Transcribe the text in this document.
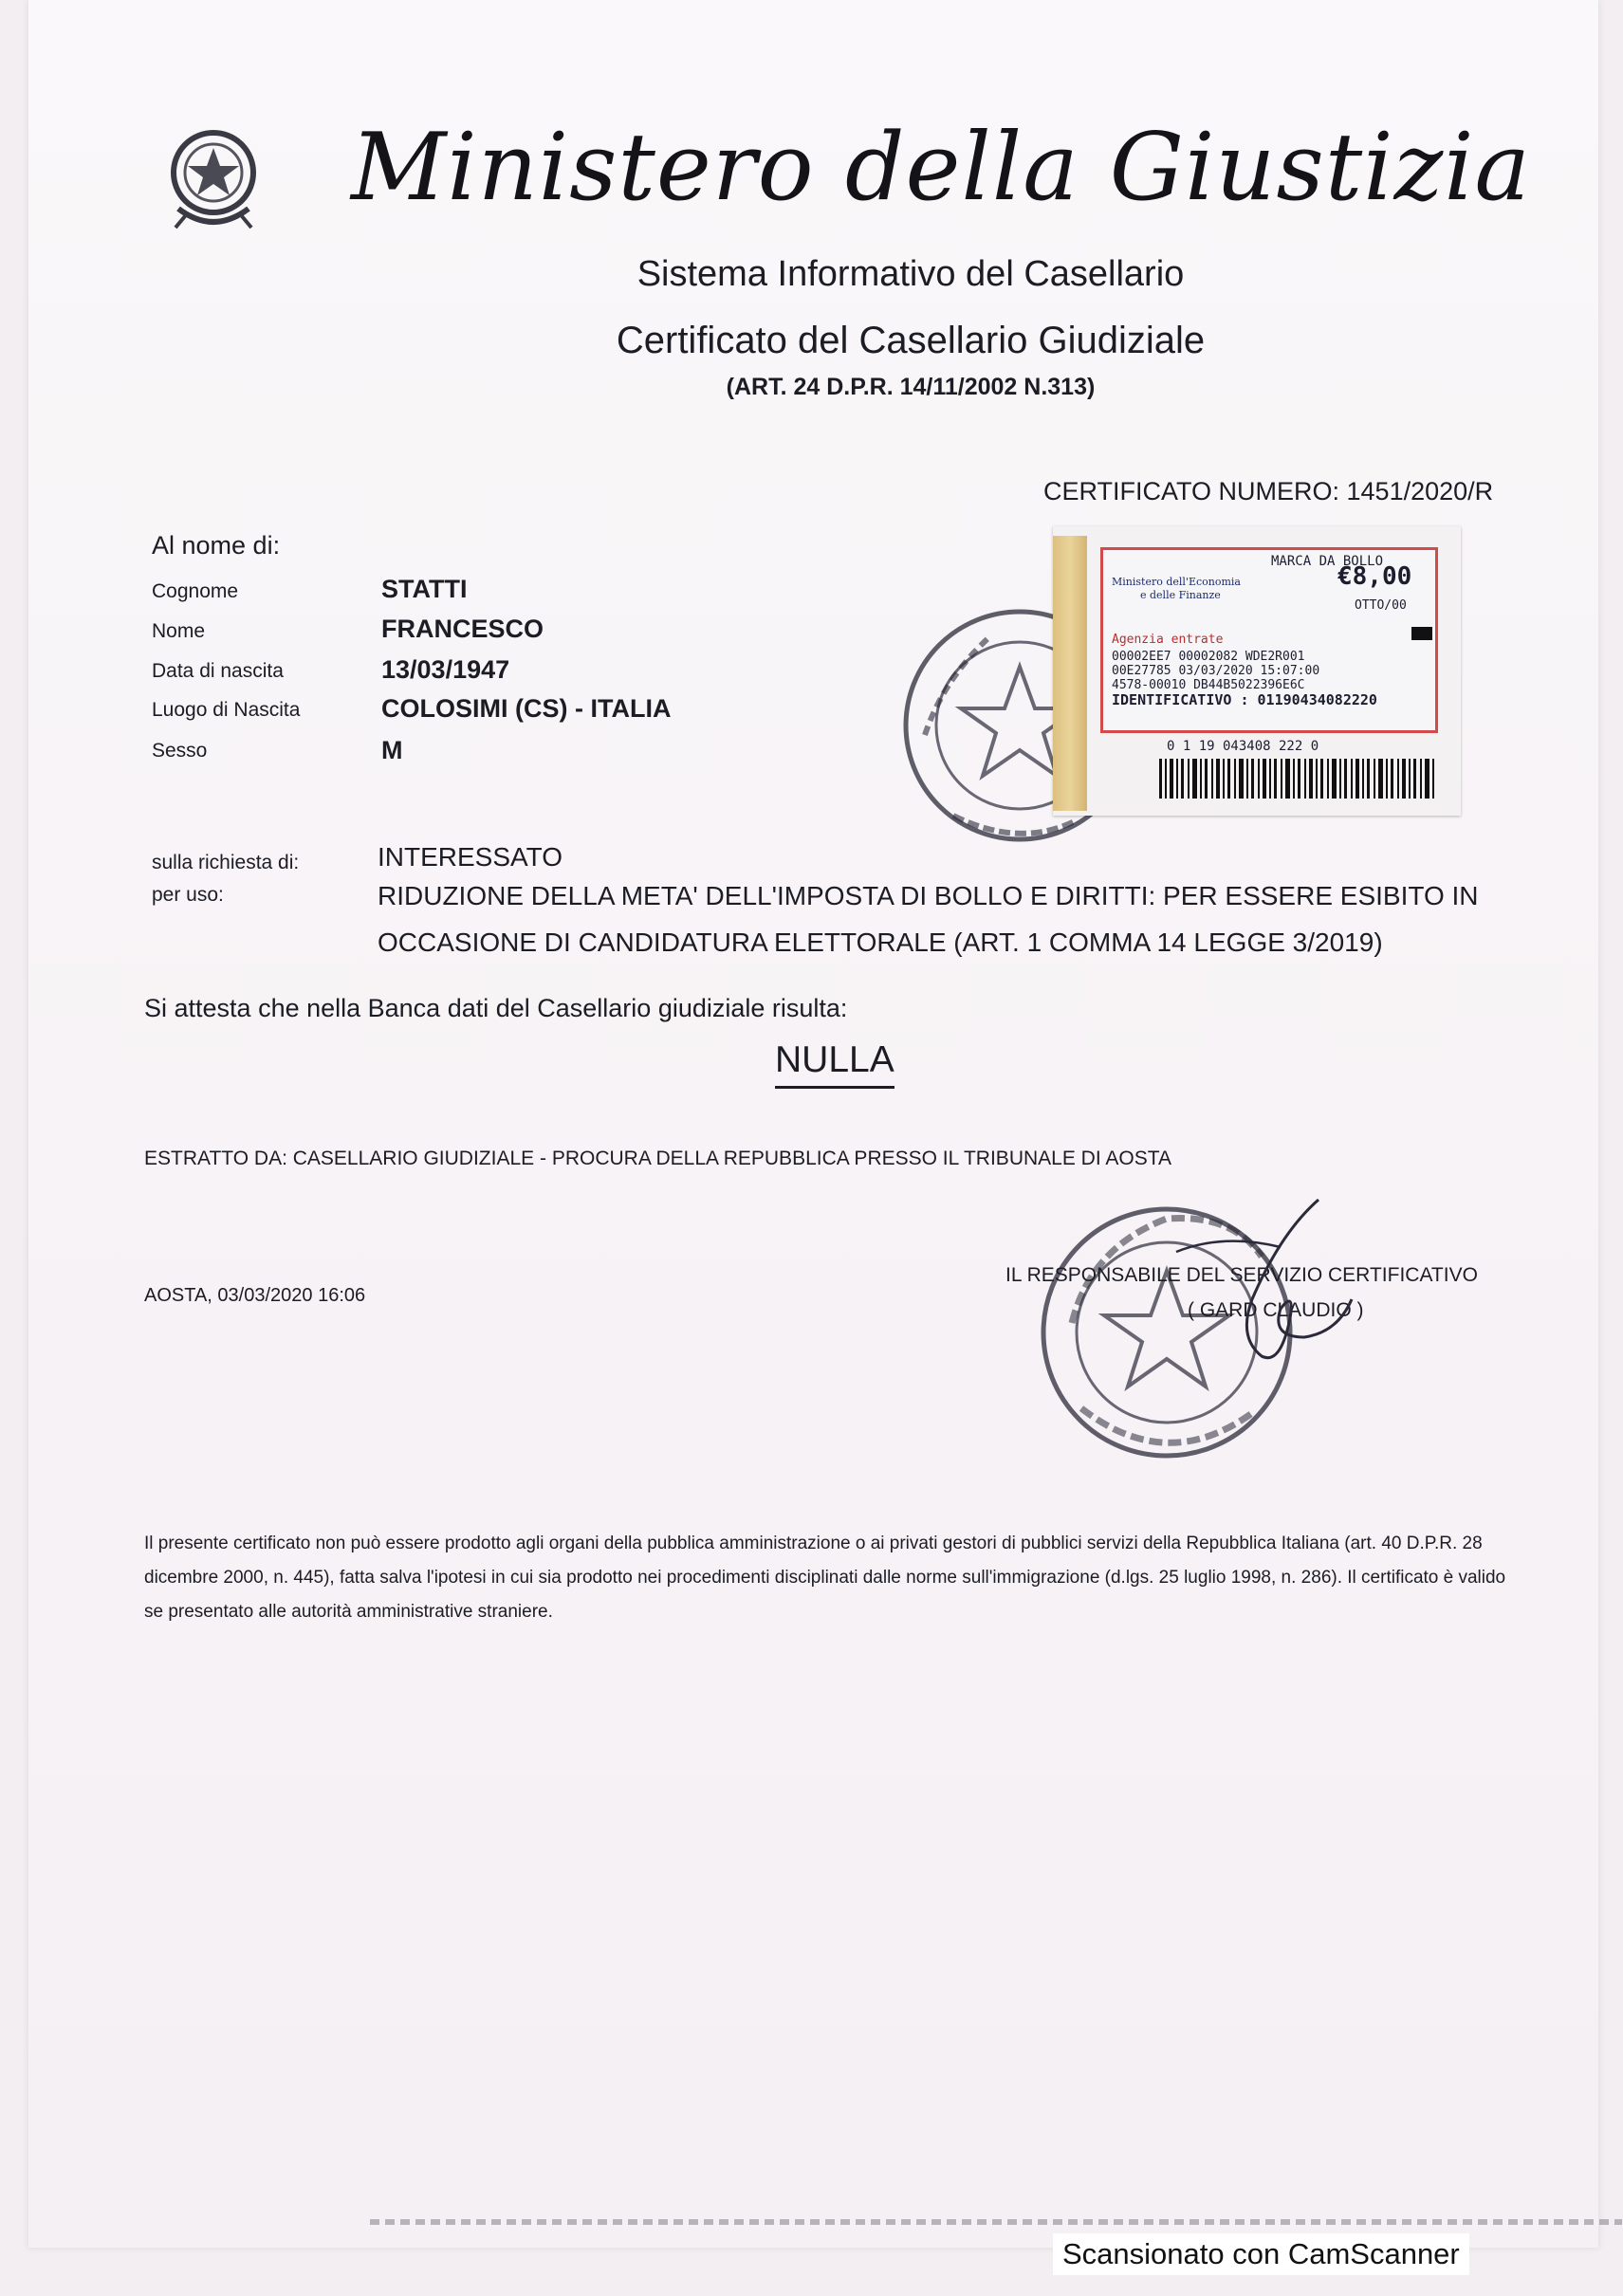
Ministero della Giustizia
Sistema Informativo del Casellario
Certificato del Casellario Giudiziale
(ART. 24 D.P.R. 14/11/2002 N.313)
CERTIFICATO NUMERO: 1451/2020/R
Al nome di:
Cognome	STATTI
Nome	FRANCESCO
Data di nascita	13/03/1947
Luogo di Nascita	COLOSIMI (CS) - ITALIA
Sesso	M
MARCA DA BOLLO
€8,00
OTTO/00
Ministero dell'Economia
e delle Finanze
Agenzia entrate
00002EE7 00002082 WDE2R001
00E27785 03/03/2020 15:07:00
4578-00010 DB44B5022396E6C
IDENTIFICATIVO : 01190434082220
0 1 19 043408 222 0
sulla richiesta di:	INTERESSATO
per uso:	RIDUZIONE DELLA META' DELL'IMPOSTA DI BOLLO E DIRITTI: PER ESSERE ESIBITO IN OCCASIONE DI CANDIDATURA ELETTORALE (ART. 1 COMMA 14 LEGGE 3/2019)
Si attesta che nella Banca dati del Casellario giudiziale risulta:
NULLA
ESTRATTO DA: CASELLARIO GIUDIZIALE - PROCURA DELLA REPUBBLICA PRESSO IL TRIBUNALE DI AOSTA
AOSTA, 03/03/2020 16:06
IL RESPONSABILE DEL SERVIZIO CERTIFICATIVO
( GARD CLAUDIO )
Il presente certificato non può essere prodotto agli organi della pubblica amministrazione o ai privati gestori di pubblici servizi della Repubblica Italiana (art. 40 D.P.R. 28 dicembre 2000, n. 445), fatta salva l'ipotesi in cui sia prodotto nei procedimenti disciplinati dalle norme sull'immigrazione (d.lgs. 25 luglio 1998, n. 286). Il certificato è valido se presentato alle autorità amministrative straniere.
Scansionato con CamScanner
